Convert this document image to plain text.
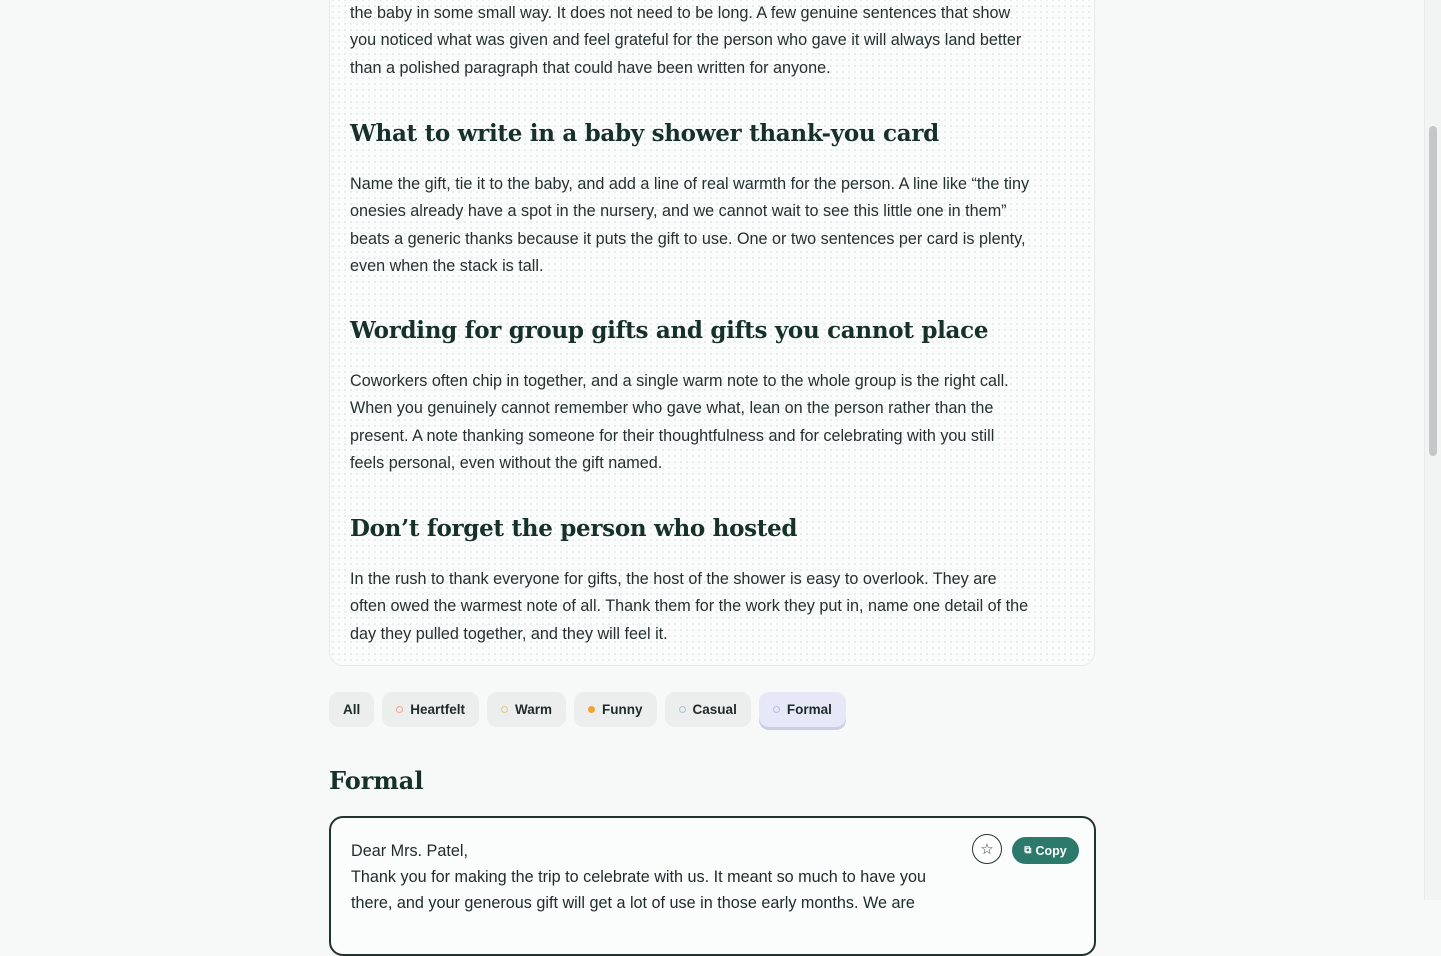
the baby in some small way. It does not need to be long. A few genuine sentences that show

you noticed what was given and feel grateful for the person who gave it will always land better

than a polished paragraph that could have been written for anyone.

What to write in a baby shower thank-you card

Name the gift, tie it to the baby, and add a line of real warmth for the person. A line like “the tiny

onesies already have a spot in the nursery, and we cannot wait to see this little one in them”

beats a generic thanks because it puts the gift to use. One or two sentences per card is plenty,

even when the stack is tall.

Wording for group gifts and gifts you cannot place

Coworkers often chip in together, and a single warm note to the whole group is the right call.

When you genuinely cannot remember who gave what, lean on the person rather than the

present. A note thanking someone for their thoughtfulness and for celebrating with you still

feels personal, even without the gift named.

Don’t forget the person who hosted

In the rush to thank everyone for gifts, the host of the shower is easy to overlook. They are

often owed the warmest note of all. Thank them for the work they put in, name one detail of the

day they pulled together, and they will feel it.

All	Heartfelt	Warm	Funny	Casual	Formal
Formal
Dear Mrs. Patel,
Thank you for making the trip to celebrate with us. It meant so much to have you
there, and your generous gift will get a lot of use in those early months. We are
☆	⧉ Copy
